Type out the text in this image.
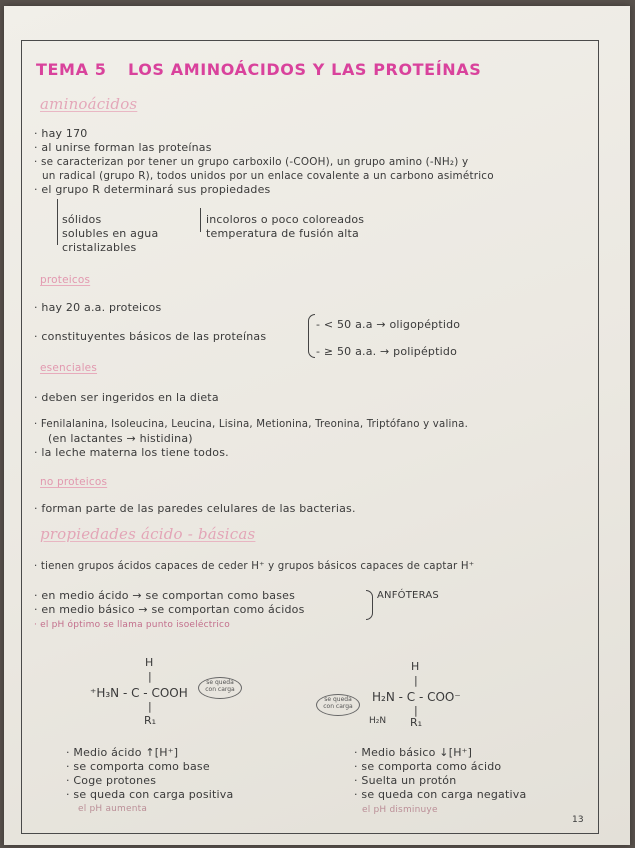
TEMA 5 LOS AMINOÁCIDOS Y LAS PROTEÍNAS
aminoácidos
· hay 170
· al unirse forman las proteínas
· se caracterizan por tener un grupo carboxilo (-COOH), un grupo amino (-NH₂) y
un radical (grupo R), todos unidos por un enlace covalente a un carbono asimétrico
· el grupo R determinará sus propiedades
sólidos
solubles en agua
cristalizables
incoloros o poco coloreados
temperatura de fusión alta
proteicos
· hay 20 a.a. proteicos
· constituyentes básicos de las proteínas
- < 50 a.a → oligopéptido
- ≥ 50 a.a. → polipéptido
esenciales
· deben ser ingeridos en la dieta
· Fenilalanina, Isoleucina, Leucina, Lisina, Metionina, Treonina, Triptófano y valina.
(en lactantes → histidina)
· la leche materna los tiene todos.
no proteicos
· forman parte de las paredes celulares de las bacterias.
propiedades ácido - básicas
· tienen grupos ácidos capaces de ceder H⁺ y grupos básicos capaces de captar H⁺
· en medio ácido → se comportan como bases
· en medio básico → se comportan como ácidos
ANFÓTERAS
· el pH óptimo se llama punto isoeléctrico
H
|
⁺H₃N - C - COOH
|
R₁
se queda con carga
H
|
H₂N - C - COO⁻
|
R₁
H₂N
se queda con carga
· Medio ácido ↑[H⁺]
· se comporta como base
· Coge protones
· se queda con carga positiva
el pH aumenta
· Medio básico ↓[H⁺]
· se comporta como ácido
· Suelta un protón
· se queda con carga negativa
el pH disminuye
13
